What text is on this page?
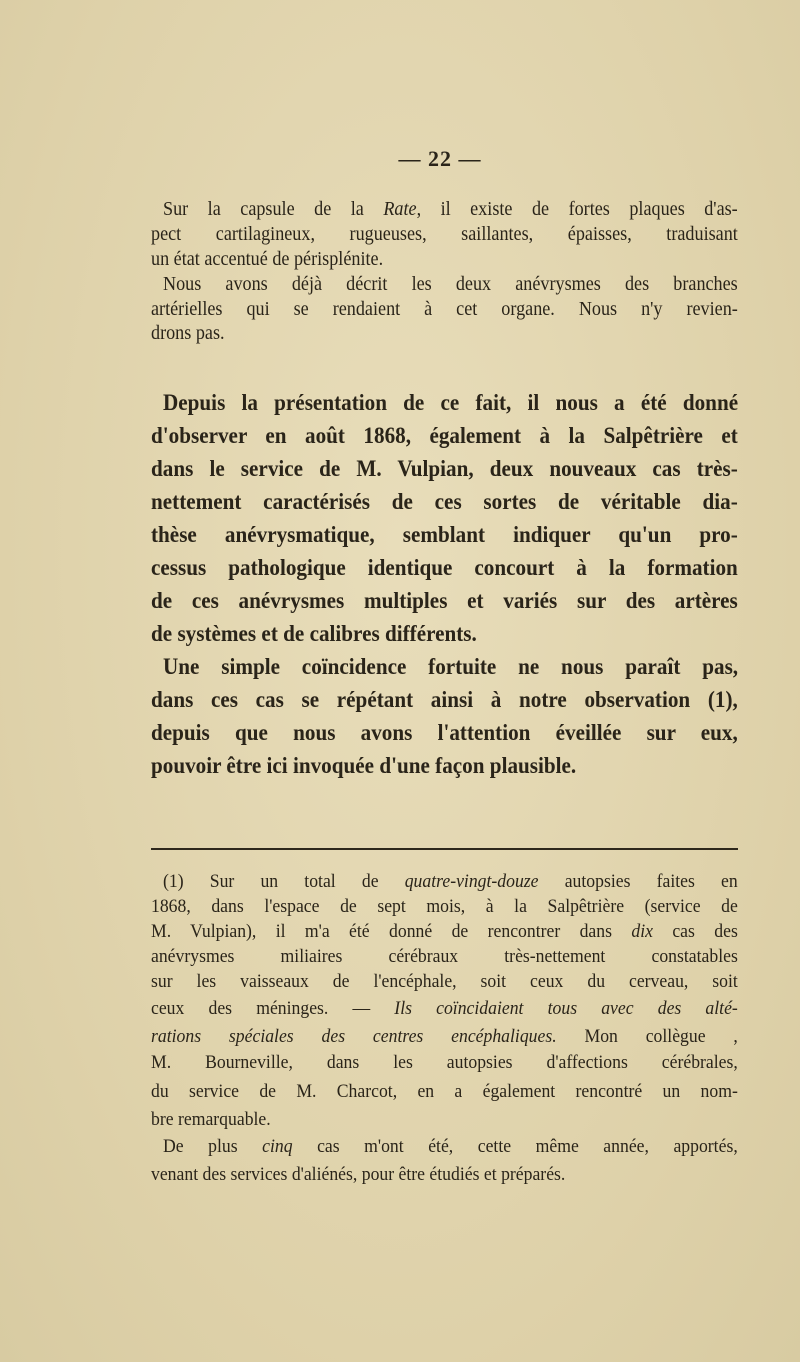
— 22 —
Sur la capsule de la Rate, il existe de fortes plaques d'as-
pect cartilagineux, rugueuses, saillantes, épaisses, traduisant
un état accentué de périsplénite.
Nous avons déjà décrit les deux anévrysmes des branches
artérielles qui se rendaient à cet organe. Nous n'y revien-
drons pas.
Depuis la présentation de ce fait, il nous a été donné
d'observer en août 1868, également à la Salpêtrière et
dans le service de M. Vulpian, deux nouveaux cas très-
nettement caractérisés de ces sortes de véritable dia-
thèse anévrysmatique, semblant indiquer qu'un pro-
cessus pathologique identique concourt à la formation
de ces anévrysmes multiples et variés sur des artères
de systèmes et de calibres différents.
Une simple coïncidence fortuite ne nous paraît pas,
dans ces cas se répétant ainsi à notre observation (1),
depuis que nous avons l'attention éveillée sur eux,
pouvoir être ici invoquée d'une façon plausible.
(1) Sur un total de quatre-vingt-douze autopsies faites en
1868, dans l'espace de sept mois, à la Salpêtrière (service de
M. Vulpian), il m'a été donné de rencontrer dans dix cas des
anévrysmes miliaires cérébraux très-nettement constatables
sur les vaisseaux de l'encéphale, soit ceux du cerveau, soit
ceux des méninges. — Ils coïncidaient tous avec des alté-
rations spéciales des centres encéphaliques. Mon collègue ,
M. Bourneville, dans les autopsies d'affections cérébrales,
du service de M. Charcot, en a également rencontré un nom-
bre remarquable.
De plus cinq cas m'ont été, cette même année, apportés,
venant des services d'aliénés, pour être étudiés et préparés.
